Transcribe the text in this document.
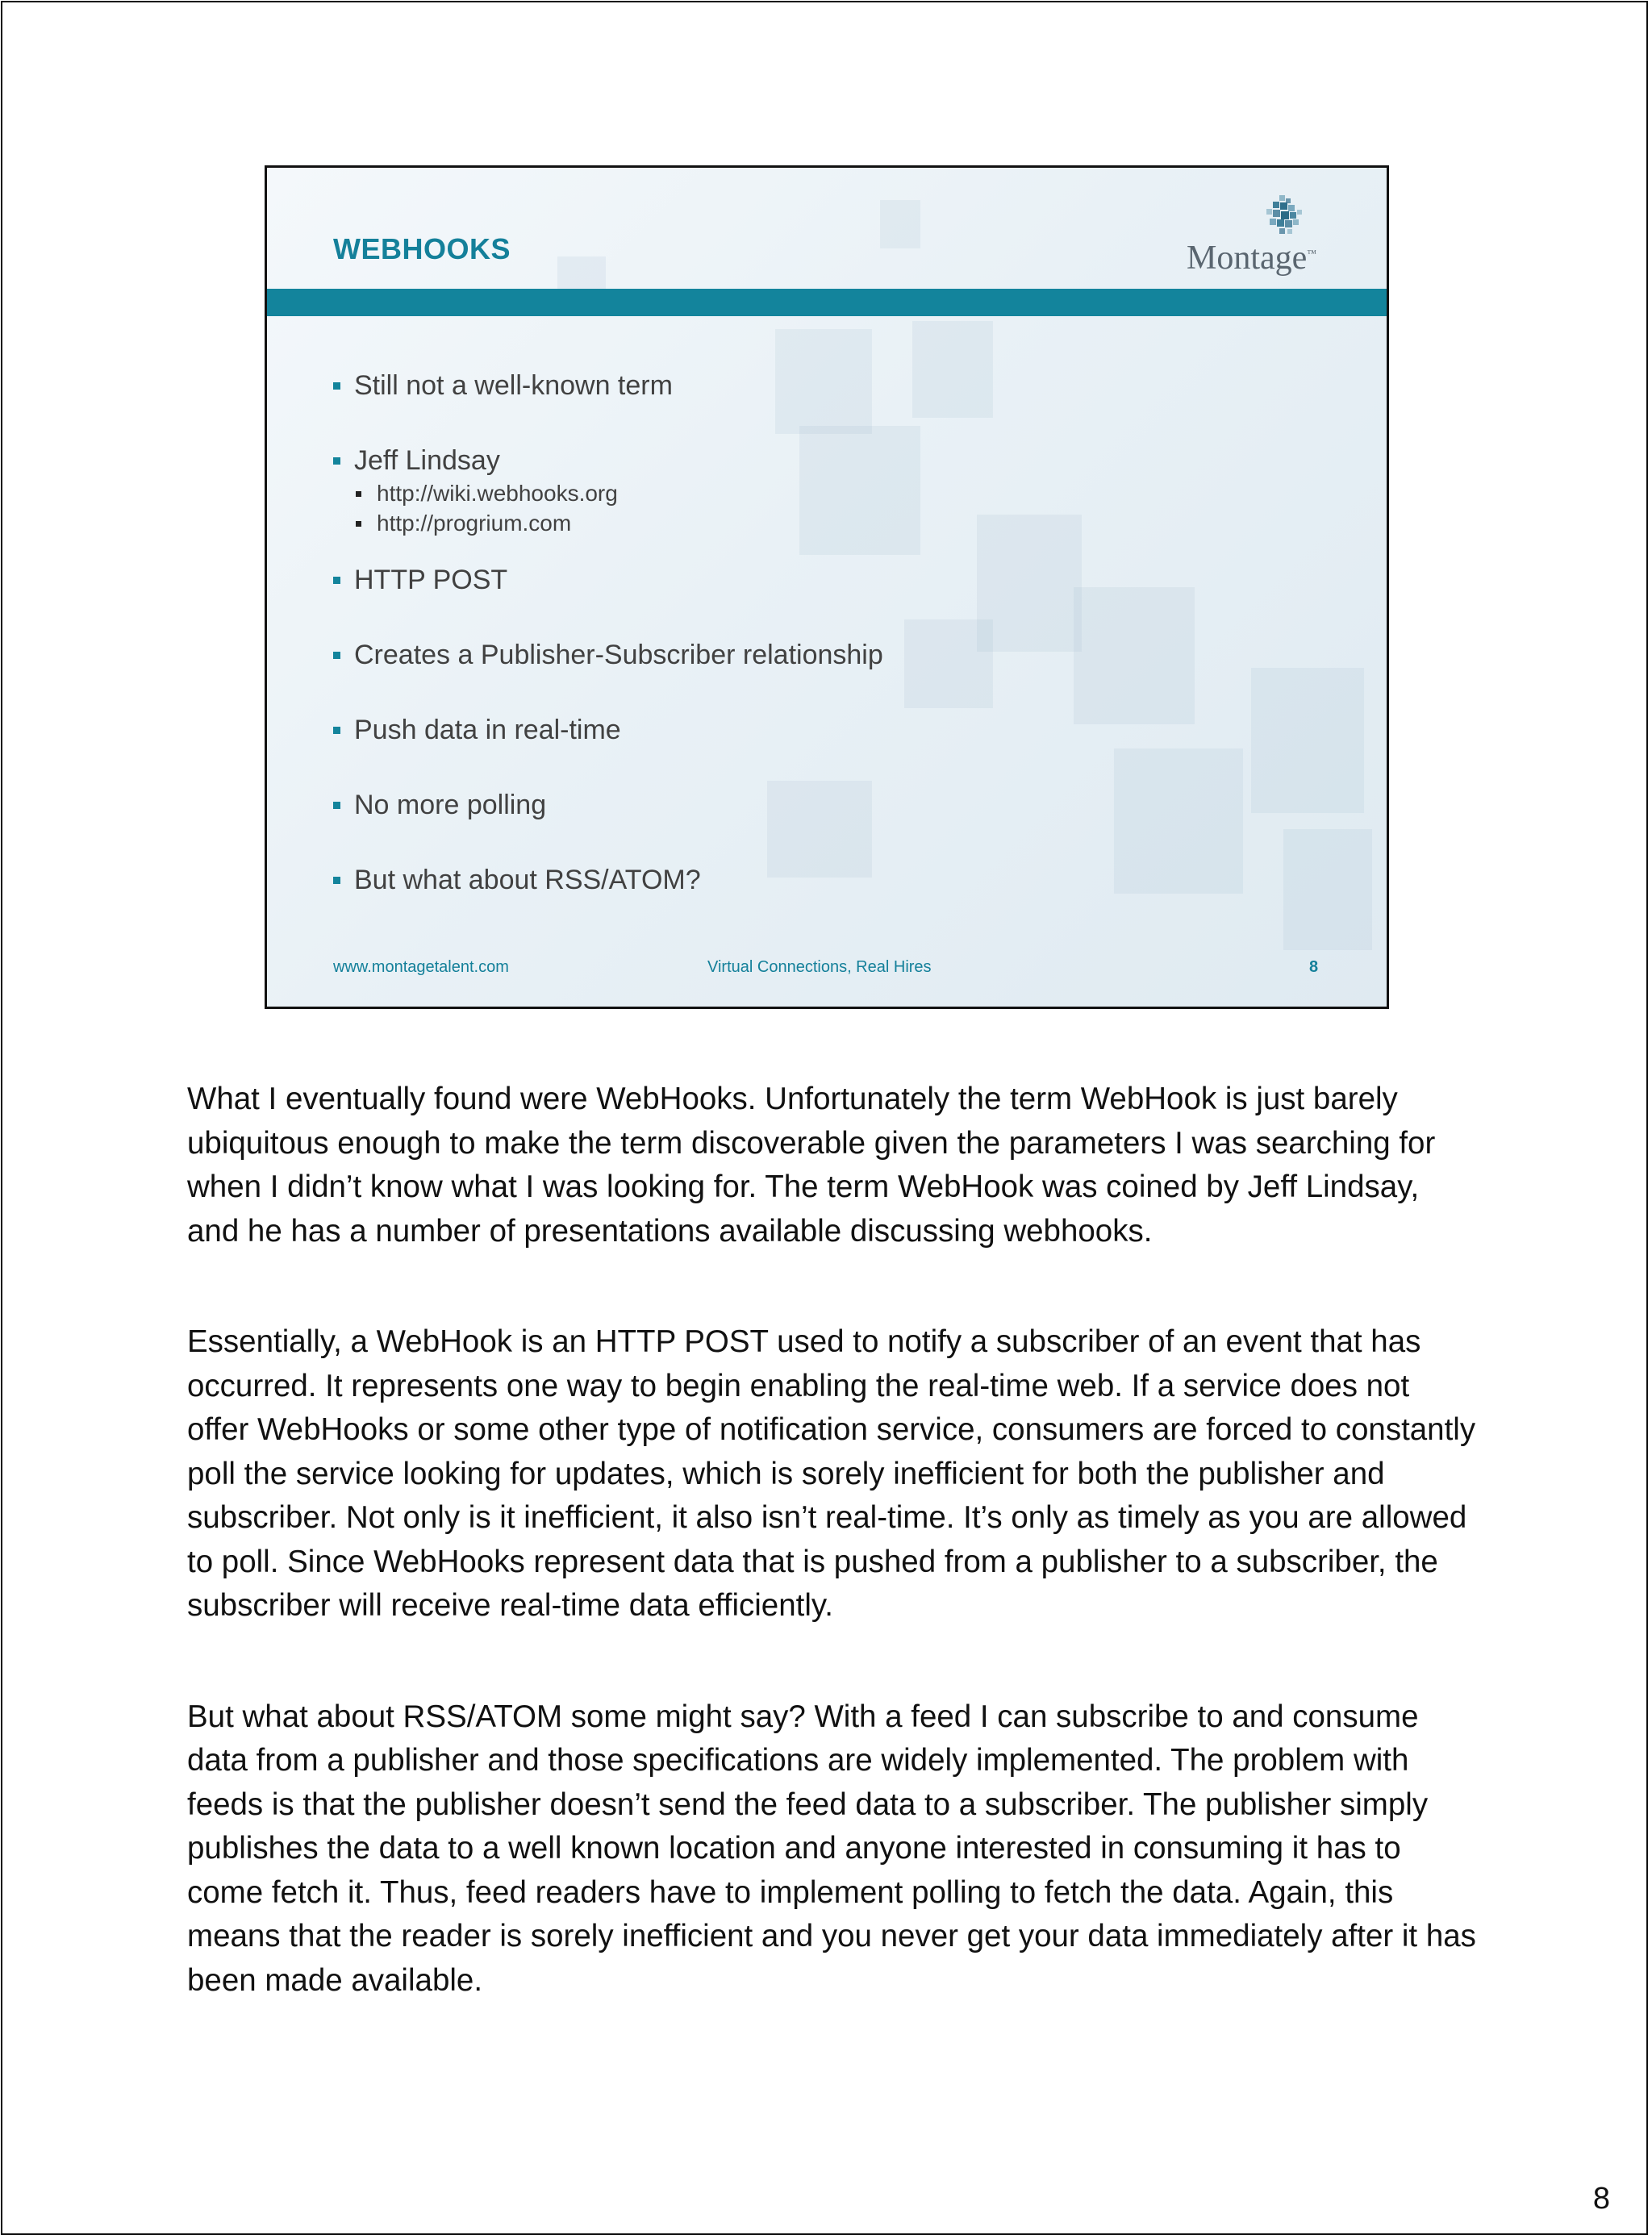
WEBHOOKS	Montage™

Still not a well-known term
Jeff Lindsay
http://wiki.webhooks.org
http://progrium.com
HTTP POST
Creates a Publisher-Subscriber relationship
Push data in real-time
No more polling
But what about RSS/ATOM?
www.montagetalent.com	Virtual Connections, Real Hires	8

What I eventually found were WebHooks. Unfortunately the term WebHook is just barely ubiquitous enough to make the term discoverable given the parameters I was searching for when I didn’t know what I was looking for. The term WebHook was coined by Jeff Lindsay, and he has a number of presentations available discussing webhooks.

Essentially, a WebHook is an HTTP POST used to notify a subscriber of an event that has occurred. It represents one way to begin enabling the real-time web. If a service does not offer WebHooks or some other type of notification service, consumers are forced to constantly poll the service looking for updates, which is sorely inefficient for both the publisher and subscriber. Not only is it inefficient, it also isn’t real-time. It’s only as timely as you are allowed to poll. Since WebHooks represent data that is pushed from a publisher to a subscriber, the subscriber will receive real-time data efficiently.

But what about RSS/ATOM some might say? With a feed I can subscribe to and consume data from a publisher and those specifications are widely implemented. The problem with feeds is that the publisher doesn’t send the feed data to a subscriber. The publisher simply publishes the data to a well known location and anyone interested in consuming it has to come fetch it. Thus, feed readers have to implement polling to fetch the data. Again, this means that the reader is sorely inefficient and you never get your data immediately after it has been made available.

8
